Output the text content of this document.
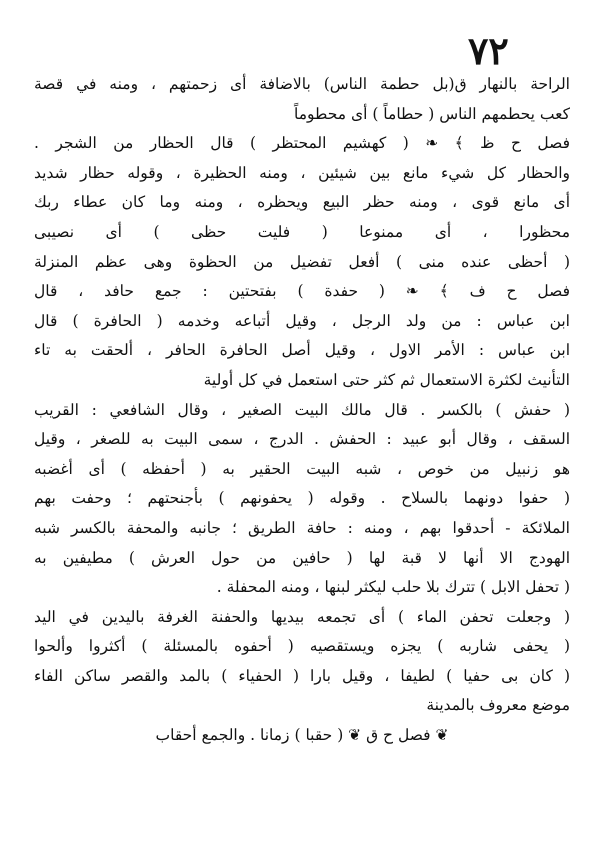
٧٢
الراحة بالنهار ق(بل حطمة الناس) بالاضافة أى زحمتهم ، ومنه في قصة
كعب يحطمهم الناس ( حطاماً ) أى محطوماً
فصل ح ظ ﴾ ❧ ( كهشيم المحتظر ) قال الحظار من الشجر .
والحظار كل شيء مانع بين شيئين ، ومنه الحظيرة ، وقوله حظار شديد
أى مانع قوى ، ومنه حظر البيع ويحظره ، ومنه وما كان عطاء ربك
محظورا ، أى ممنوعا ( فليت حظى ) أى نصيبى
( أحظى عنده منى ) أفعل تفضيل من الحظوة وهى عظم المنزلة
فصل ح ف ﴾ ❧ ( حفدة ) بفتحتين : جمع حافد ، قال
ابن عباس : من ولد الرجل ، وقيل أتباعه وخدمه ( الحافرة ) قال
ابن عباس : الأمر الاول ، وقيل أصل الحافرة الحافر ، ألحقت به تاء
التأنيث لكثرة الاستعمال ثم كثر حتى استعمل في كل أولية
( حفش ) بالكسر . قال مالك البيت الصغير ، وقال الشافعي : القريب
السقف ، وقال أبو عبيد : الحفش . الدرج ، سمى البيت به للصغر ، وقيل
هو زنبيل من خوص ، شبه البيت الحقير به ( أحفظه ) أى أغضبه
( حفوا دونهما بالسلاح . وقوله ( يحفونهم ) بأجنحتهم ؛ وحفت بهم
الملائكة - أحدقوا بهم ، ومنه : حافة الطريق ؛ جانبه والمحفة بالكسر شبه
الهودج الا أنها لا قبة لها ( حافين من حول العرش ) مطيفين به
( تحفل الابل ) تترك بلا حلب ليكثر لبنها ، ومنه المحفلة .
( وجعلت تحفن الماء ) أى تجمعه بيديها والحفنة الغرفة باليدين في اليد
( يحفى شاربه ) يجزه ويستقصيه ( أحفوه بالمسئلة ) أكثروا وألحوا
( كان بى حفيا ) لطيفا ، وقيل بارا ( الحفياء ) بالمد والقصر ساكن الفاء
موضع معروف بالمدينة
❦ فصل ح ق ❦ ( حقبا ) زمانا . والجمع أحقاب
